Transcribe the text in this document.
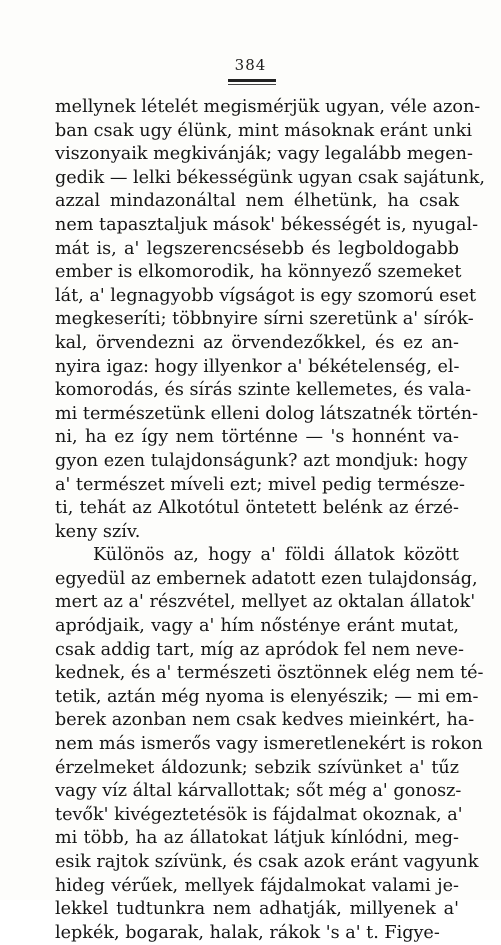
384
mellynek lételét megismérjük ugyan, véle azon-
ban csak ugy élünk, mint másoknak eránt unki
viszonyaik megkivánják; vagy legalább megen-
gedik — lelki békességünk ugyan csak sajátunk,
azzal mindazonáltal nem élhetünk, ha csak
nem tapasztaljuk mások' békességét is, nyugal-
mát is, a' legszerencsésebb és legboldogabb
ember is elkomorodik, ha könnyező szemeket
lát, a' legnagyobb vígságot is egy szomorú eset
megkeseríti; többnyire sírni szeretünk a' sírók-
kal, örvendezni az örvendezőkkel, és ez an-
nyira igaz: hogy illyenkor a' békételenség, el-
komorodás, és sírás szinte kellemetes, és vala-
mi természetünk elleni dolog látszatnék történ-
ni, ha ez így nem történne — 's honnént va-
gyon ezen tulajdonságunk? azt mondjuk: hogy
a' természet míveli ezt; mivel pedig természe-
ti, tehát az Alkotótul öntetett belénk az érzé-
keny szív.
Különös az, hogy a' földi állatok között
egyedül az embernek adatott ezen tulajdonság,
mert az a' részvétel, mellyet az oktalan állatok'
apródjaik, vagy a' hím nősténye eránt mutat,
csak addig tart, míg az apródok fel nem neve-
kednek, és a' természeti ösztönnek elég nem té-
tetik, aztán még nyoma is elenyészik; — mi em-
berek azonban nem csak kedves mieinkért, ha-
nem más ismerős vagy ismeretlenekért is rokon
érzelmeket áldozunk; sebzik szívünket a' tűz
vagy víz által kárvallottak; sőt még a' gonosz-
tevők' kivégeztetésök is fájdalmat okoznak, a'
mi több, ha az állatokat látjuk kínlódni, meg-
esik rajtok szívünk, és csak azok eránt vagyunk
hideg vérűek, mellyek fájdalmokat valami je-
lekkel tudtunkra nem adhatják, millyenek a'
lepkék, bogarak, halak, rákok 's a' t. Figye-
